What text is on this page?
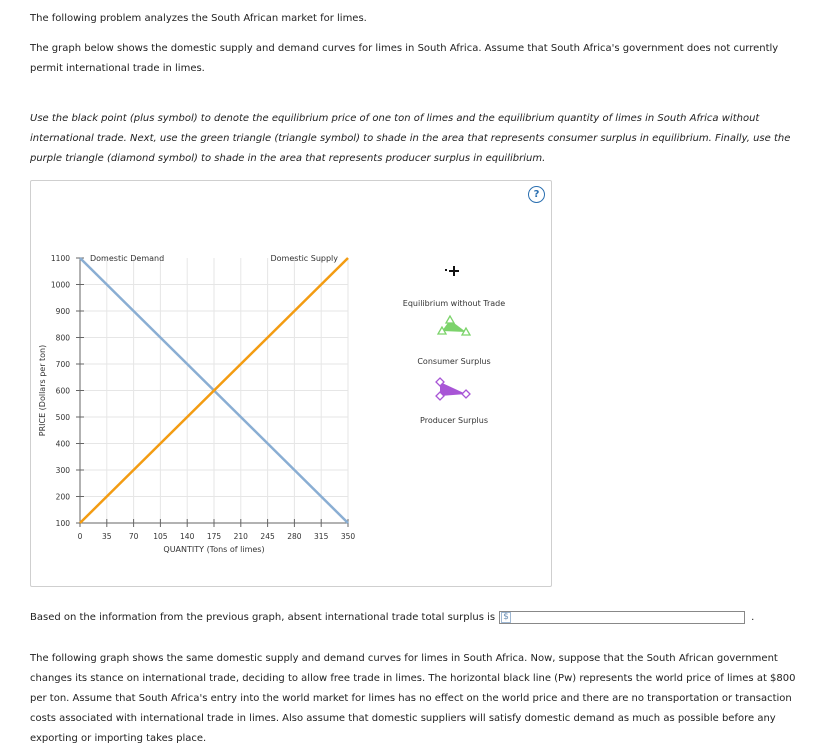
The following problem analyzes the South African market for limes.

The graph below shows the domestic supply and demand curves for limes in South Africa. Assume that South Africa's government does not currently permit international trade in limes.

Use the black point (plus symbol) to denote the equilibrium price of one ton of limes and the equilibrium quantity of limes in South Africa without international trade. Next, use the green triangle (triangle symbol) to shade in the area that represents consumer surplus in equilibrium. Finally, use the purple triangle (diamond symbol) to shade in the area that represents producer surplus in equilibrium.

?
100
200
300
400
500
600
700
800
900
1000
1100
0	35 70 105 140 175 210 245 280 315 350
QUANTITY (Tons of limes)
PRICE (Dollars per ton)
Domestic Demand	Domestic Supply
Equilibrium without Trade
Consumer Surplus
Producer Surplus
Based on the information from the previous graph, absent international trade total surplus is $	.

The following graph shows the same domestic supply and demand curves for limes in South Africa. Now, suppose that the South African government changes its stance on international trade, deciding to allow free trade in limes. The horizontal black line (Pw) represents the world price of limes at $800 per ton. Assume that South Africa's entry into the world market for limes has no effect on the world price and there are no transportation or transaction costs associated with international trade in limes. Also assume that domestic suppliers will satisfy domestic demand as much as possible before any exporting or importing takes place.
